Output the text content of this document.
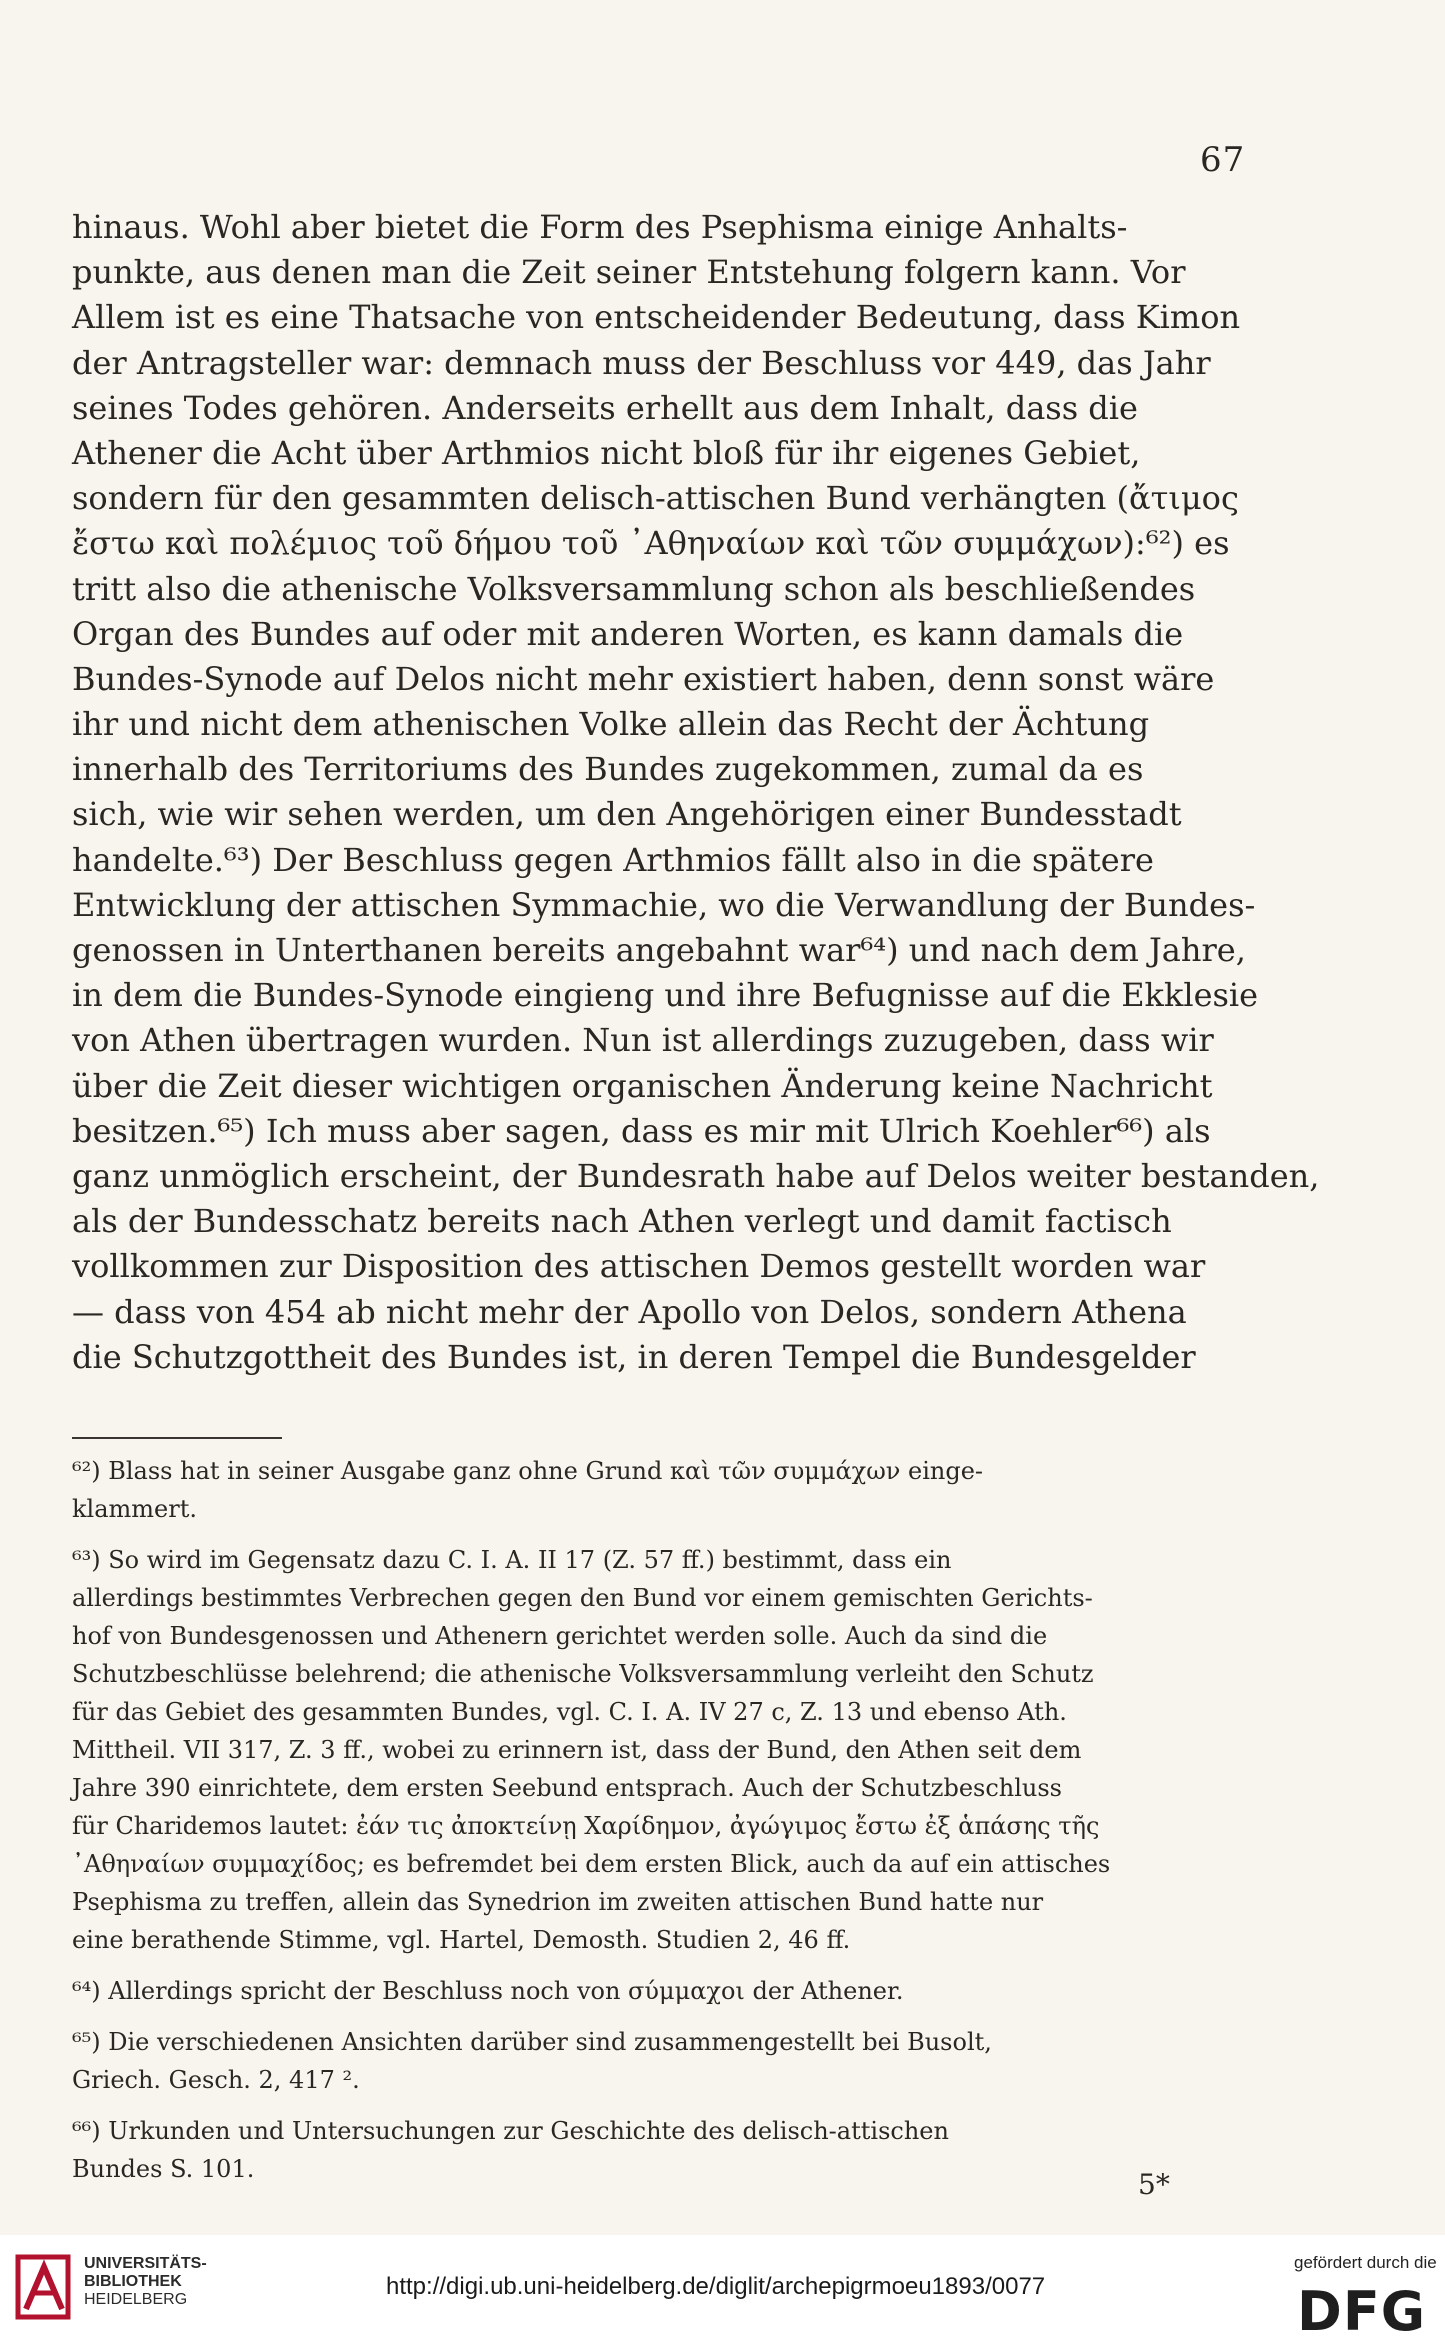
67
hinaus. Wohl aber bietet die Form des Psephisma einige Anhalts-
punkte, aus denen man die Zeit seiner Entstehung folgern kann. Vor
Allem ist es eine Thatsache von entscheidender Bedeutung, dass Kimon
der Antragsteller war: demnach muss der Beschluss vor 449, das Jahr
seines Todes gehören. Anderseits erhellt aus dem Inhalt, dass die
Athener die Acht über Arthmios nicht bloß für ihr eigenes Gebiet,
sondern für den gesammten delisch-attischen Bund verhängten (ἄτιμος
ἔστω καὶ πολέμιος τοῦ δήμου τοῦ ᾿Αθηναίων καὶ τῶν συμμάχων):⁶²) es
tritt also die athenische Volksversammlung schon als beschließendes
Organ des Bundes auf oder mit anderen Worten, es kann damals die
Bundes-Synode auf Delos nicht mehr existiert haben, denn sonst wäre
ihr und nicht dem athenischen Volke allein das Recht der Ächtung
innerhalb des Territoriums des Bundes zugekommen, zumal da es
sich, wie wir sehen werden, um den Angehörigen einer Bundesstadt
handelte.⁶³) Der Beschluss gegen Arthmios fällt also in die spätere
Entwicklung der attischen Symmachie, wo die Verwandlung der Bundes-
genossen in Unterthanen bereits angebahnt war⁶⁴) und nach dem Jahre,
in dem die Bundes-Synode eingieng und ihre Befugnisse auf die Ekklesie
von Athen übertragen wurden. Nun ist allerdings zuzugeben, dass wir
über die Zeit dieser wichtigen organischen Änderung keine Nachricht
besitzen.⁶⁵) Ich muss aber sagen, dass es mir mit Ulrich Koehler⁶⁶) als
ganz unmöglich erscheint, der Bundesrath habe auf Delos weiter bestanden,
als der Bundesschatz bereits nach Athen verlegt und damit factisch
vollkommen zur Disposition des attischen Demos gestellt worden war
— dass von 454 ab nicht mehr der Apollo von Delos, sondern Athena
die Schutzgottheit des Bundes ist, in deren Tempel die Bundesgelder
⁶²) Blass hat in seiner Ausgabe ganz ohne Grund καὶ τῶν συμμάχων einge-
klammert.
⁶³) So wird im Gegensatz dazu C. I. A. II 17 (Z. 57 ff.) bestimmt, dass ein
allerdings bestimmtes Verbrechen gegen den Bund vor einem gemischten Gerichts-
hof von Bundesgenossen und Athenern gerichtet werden solle. Auch da sind die
Schutzbeschlüsse belehrend; die athenische Volksversammlung verleiht den Schutz
für das Gebiet des gesammten Bundes, vgl. C. I. A. IV 27 c, Z. 13 und ebenso Ath.
Mittheil. VII 317, Z. 3 ff., wobei zu erinnern ist, dass der Bund, den Athen seit dem
Jahre 390 einrichtete, dem ersten Seebund entsprach. Auch der Schutzbeschluss
für Charidemos lautet: ἐάν τις ἀποκτείνῃ Χαρίδημον, ἀγώγιμος ἔστω ἐξ ἁπάσης τῆς
᾿Αθηναίων συμμαχίδος; es befremdet bei dem ersten Blick, auch da auf ein attisches
Psephisma zu treffen, allein das Synedrion im zweiten attischen Bund hatte nur
eine berathende Stimme, vgl. Hartel, Demosth. Studien 2, 46 ff.
⁶⁴) Allerdings spricht der Beschluss noch von σύμμαχοι der Athener.
⁶⁵) Die verschiedenen Ansichten darüber sind zusammengestellt bei Busolt,
Griech. Gesch. 2, 417 ².
⁶⁶) Urkunden und Untersuchungen zur Geschichte des delisch-attischen
Bundes S. 101.	5*
UNIVERSITÄTS-
BIBLIOTHEK
HEIDELBERG	http://digi.ub.uni-heidelberg.de/diglit/archepigrmoeu1893/0077
gefördert durch die
DFG
